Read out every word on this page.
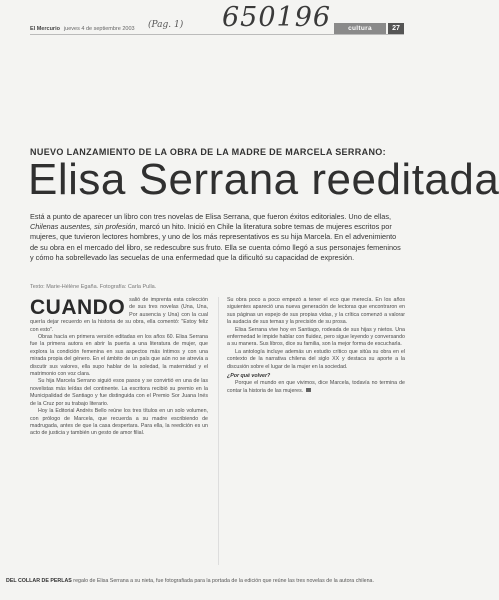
650196
(Pag. 1)
El Mercurio jueves 4 de septiembre 2003	cultura	27
NUEVO LANZAMIENTO DE LA OBRA DE LA MADRE DE MARCELA SERRANO:
Elisa Serrana reeditada
Está a punto de aparecer un libro con tres novelas de Elisa Serrana, que fueron éxitos editoriales. Uno de ellas, Chilenas ausentes, sin profesión, marcó un hito. Inició en Chile la literatura sobre temas de mujeres escritos por mujeres, que tuvieron lectores hombres, y uno de los más representativos es su hija Marcela. En el advenimiento de su obra en el mercado del libro, se redescubre sus fruto. Ella se cuenta cómo llegó a sus personajes femeninos y cómo ha sobrellevado las secuelas de una enfermedad que la dificultó su capacidad de expresión.
Texto: Marie-Hélène Egaña. Fotografía: Carla Pulla.
CUANDO salió de imprenta esta colección de sus tres novelas (Una, Una, Por ausencia y Una) con la cual quería dejar recuerdo en la historia de su obra, ella comentó: "Estoy feliz con esto".

Obras hacía en primera versión editadas en los años 60. Elisa Serrana fue la primera autora en abrir la puerta a una literatura de mujer, que explora la condición femenina en sus aspectos más íntimos y con una mirada propia del género. En el ámbito de un país que aún no se atrevía a discutir sus valores, ella supo hablar de la soledad, la maternidad y el matrimonio con voz clara.

Su hija Marcela Serrano siguió esos pasos y se convirtió en una de las novelistas más leídas del continente. La escritora recibió su premio en la Municipalidad de Santiago y fue distinguida con el Premio Sor Juana Inés de la Cruz por su trabajo literario.

Hoy la Editorial Andrés Bello reúne los tres títulos en un solo volumen, con prólogo de Marcela, que recuerda a su madre escribiendo de madrugada, antes de que la casa despertara. Para ella, la reedición es un acto de justicia y también un gesto de amor filial.

Su obra poco a poco empezó a tener el eco que merecía. En los años siguientes apareció una nueva generación de lectoras que encontraron en sus páginas un espejo de sus propias vidas, y la crítica comenzó a valorar la audacia de sus temas y la precisión de su prosa.

Elisa Serrana vive hoy en Santiago, rodeada de sus hijas y nietos. Una enfermedad le impide hablar con fluidez, pero sigue leyendo y conversando a su manera. Sus libros, dice su familia, son la mejor forma de escucharla.

La antología incluye además un estudio crítico que sitúa su obra en el contexto de la narrativa chilena del siglo XX y destaca su aporte a la discusión sobre el lugar de la mujer en la sociedad.

¿Por qué volver?

Porque el mundo en que vivimos, dice Marcela, todavía no termina de contar la historia de las mujeres.

DEL COLLAR DE PERLAS regalo de Elisa Serrana a su nieta, fue fotografiada para la portada de la edición que reúne las tres novelas de la autora chilena.
